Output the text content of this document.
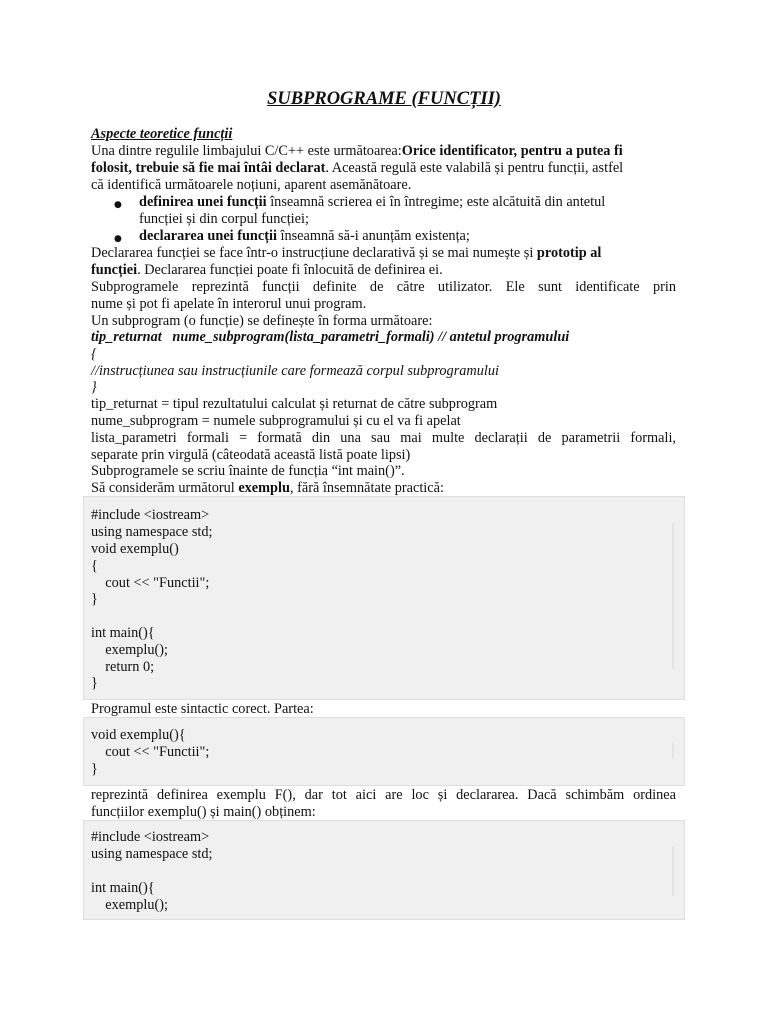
SUBPROGRAME (FUNCȚII)
Aspecte teoretice funcții
Una dintre regulile limbajului C/C++ este următoarea:Orice identificator, pentru a putea fi
folosit, trebuie să fie mai întâi declarat. Această regulă este valabilă și pentru funcții, astfel
că identifică următoarele noțiuni, aparent asemănătoare.
● definirea unei funcții înseamnă scrierea ei în întregime; este alcătuită din antetul
funcției și din corpul funcției;
● declararea unei funcții înseamnă să-i anunțăm existența;
Declararea funcției se face într-o instrucțiune declarativă și se mai numește și prototip al
funcției. Declararea funcției poate fi înlocuită de definirea ei.
Subprogramele reprezintă funcții definite de către utilizator. Ele sunt identificate prin
nume și pot fi apelate în interorul unui program.
Un subprogram (o funcție) se definește în forma următoare:
tip_returnat   nume_subprogram(lista_parametri_formali) // antetul programului
{
//instrucțiunea sau instrucțiunile care formează corpul subprogramului
}
tip_returnat = tipul rezultatului calculat și returnat de către subprogram
nume_subprogram = numele subprogramului și cu el va fi apelat
lista_parametri formali = formată din una sau mai multe declarații de parametrii formali,
separate prin virgulă (câteodată această listă poate lipsi)
Subprogramele se scriu înainte de funcția “int main()”.
Să considerăm următorul exemplu, fără însemnătate practică:
#include <iostream>
using namespace std;
void exemplu()
{
cout << "Functii";
}
int main(){
exemplu();
return 0;
}
Programul este sintactic corect. Partea:
void exemplu(){
cout << "Functii";
}
reprezintă definirea exemplu F(), dar tot aici are loc și declararea. Dacă schimbăm ordinea
funcțiilor exemplu() și main() obținem:
#include <iostream>
using namespace std;
int main(){
exemplu();
